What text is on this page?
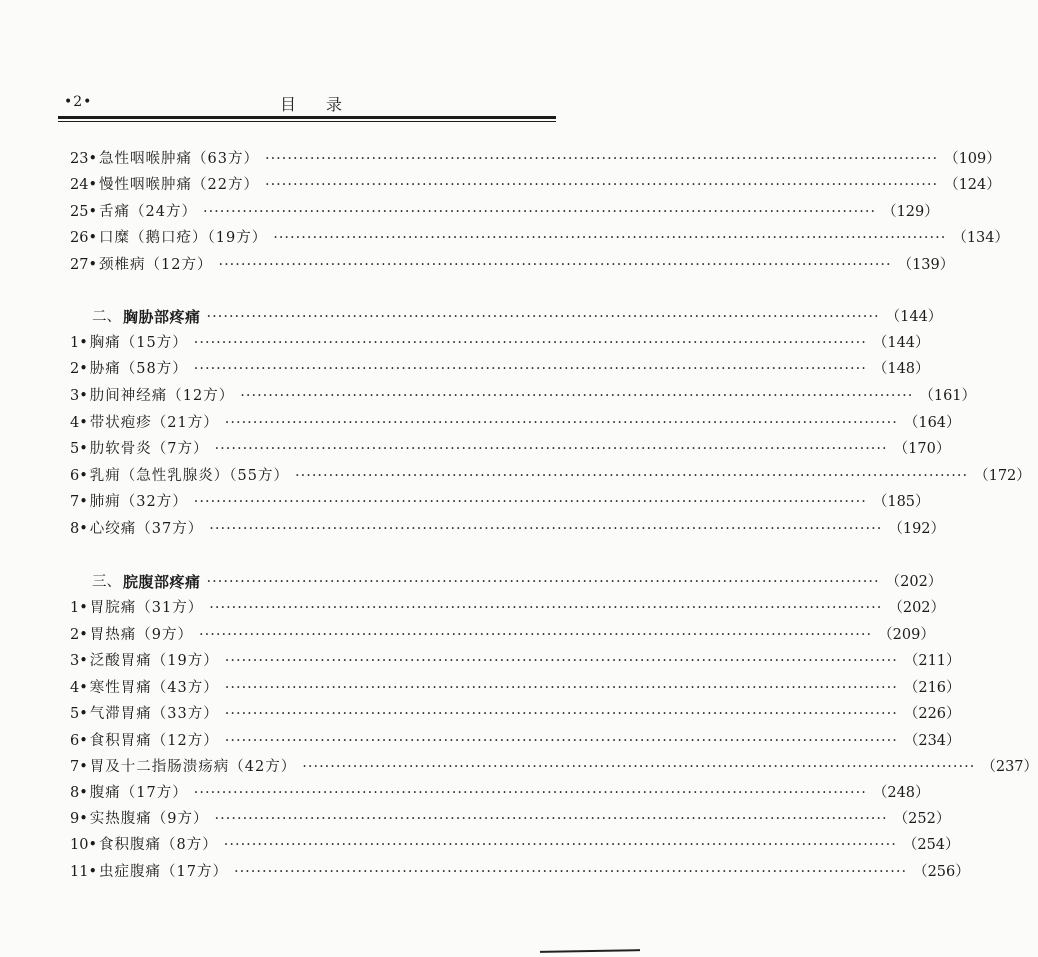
•2•	目录
23 • 急性咽喉肿痛（63方） ························································································································ （109）
24 • 慢性咽喉肿痛（22方） ························································································································ （124）
25 • 舌痛（24方） ························································································································ （129）
26 • 口糜（鹅口疮）（19方） ························································································································ （134）
27 • 颈椎病（12方） ························································································································ （139）
二、 胸胁部疼痛 ························································································································ （144）
1 • 胸痛（15方） ························································································································ （144）
2 • 胁痛（58方） ························································································································ （148）
3 • 肋间神经痛（12方） ························································································································ （161）
4 • 带状疱疹（21方） ························································································································ （164）
5 • 肋软骨炎（7方） ························································································································ （170）
6 • 乳痈（急性乳腺炎）（55方） ························································································································ （172）
7 • 肺痈（32方） ························································································································ （185）
8 • 心绞痛（37方） ························································································································ （192）
三、 脘腹部疼痛 ························································································································ （202）
1 • 胃脘痛（31方） ························································································································ （202）
2 • 胃热痛（9方） ························································································································ （209）
3 • 泛酸胃痛（19方） ························································································································ （211）
4 • 寒性胃痛（43方） ························································································································ （216）
5 • 气滞胃痛（33方） ························································································································ （226）
6 • 食积胃痛（12方） ························································································································ （234）
7 • 胃及十二指肠溃疡病（42方） ························································································································ （237）
8 • 腹痛（17方） ························································································································ （248）
9 • 实热腹痛（9方） ························································································································ （252）
10 • 食积腹痛（8方） ························································································································ （254）
11 • 虫症腹痛（17方） ························································································································ （256）
